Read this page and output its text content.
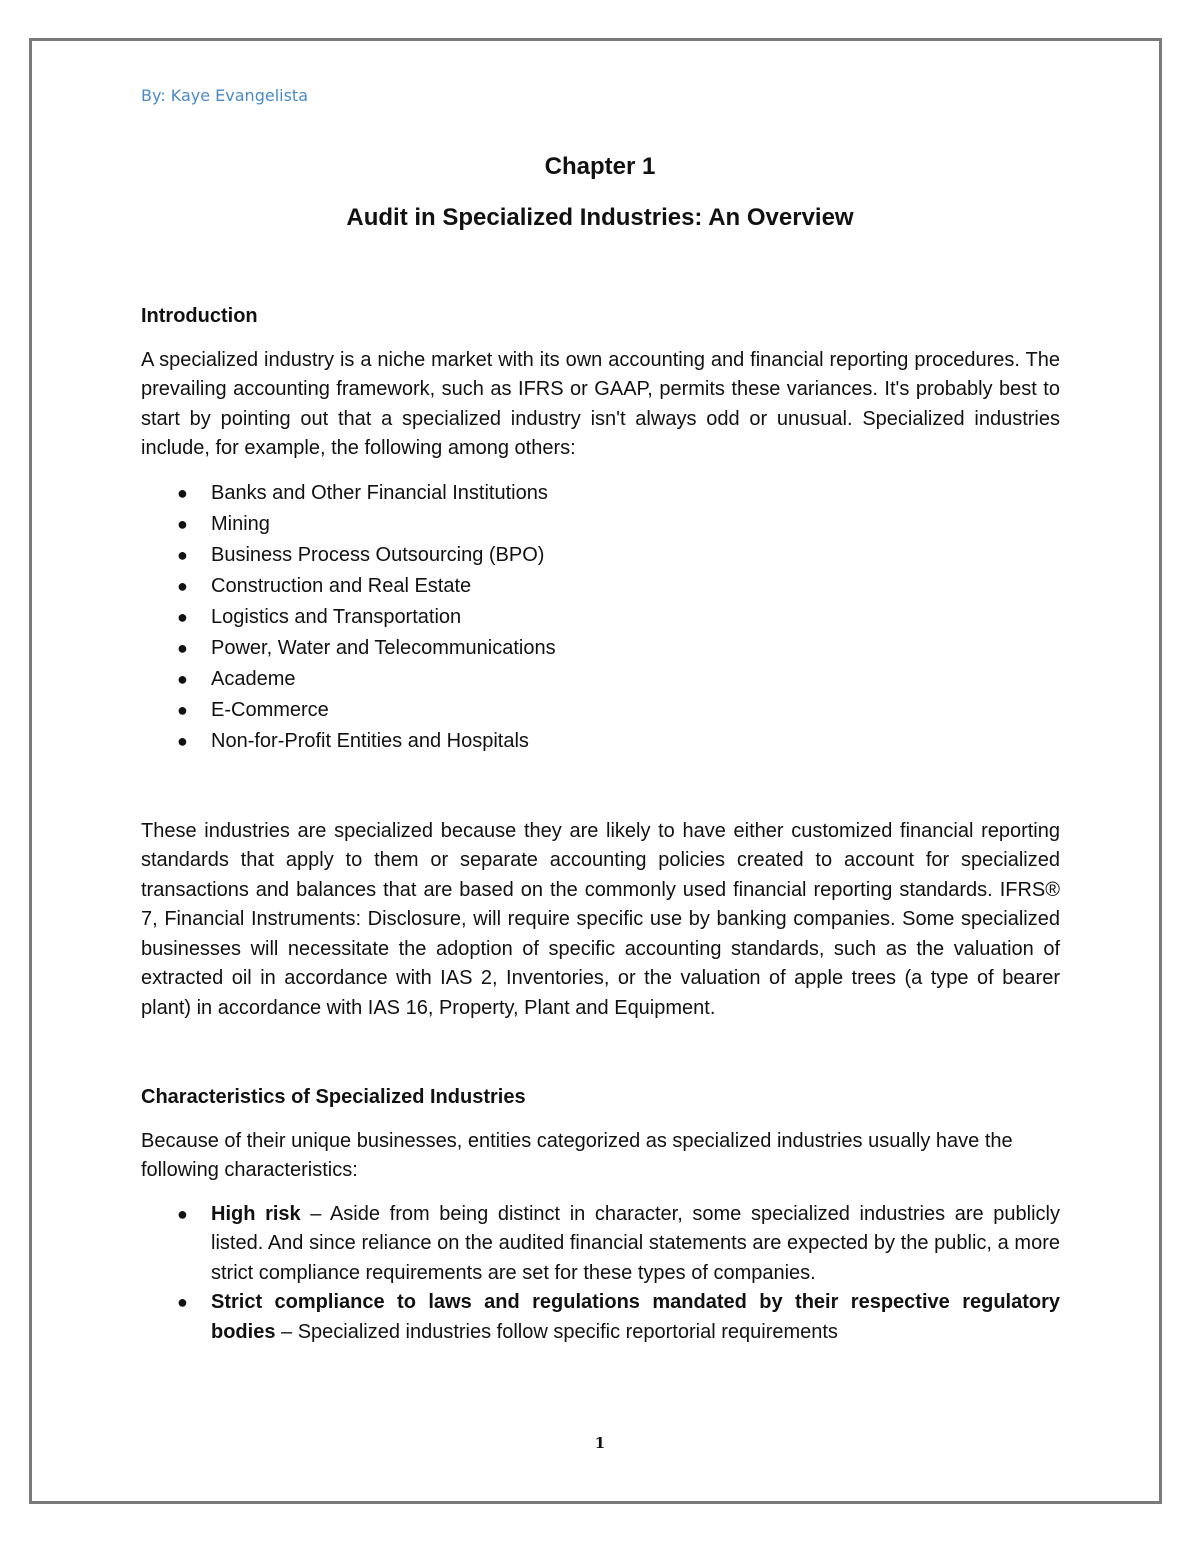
By: Kaye Evangelista
Chapter 1
Audit in Specialized Industries: An Overview
Introduction

A specialized industry is a niche market with its own accounting and financial reporting procedures. The prevailing accounting framework, such as IFRS or GAAP, permits these variances. It's probably best to start by pointing out that a specialized industry isn't always odd or unusual. Specialized industries include, for example, the following among others:

● Banks and Other Financial Institutions
● Mining
● Business Process Outsourcing (BPO)
● Construction and Real Estate
● Logistics and Transportation
● Power, Water and Telecommunications
● Academe
● E-Commerce
● Non-for-Profit Entities and Hospitals

These industries are specialized because they are likely to have either customized financial reporting standards that apply to them or separate accounting policies created to account for specialized transactions and balances that are based on the commonly used financial reporting standards. IFRS® 7, Financial Instruments: Disclosure, will require specific use by banking companies. Some specialized businesses will necessitate the adoption of specific accounting standards, such as the valuation of extracted oil in accordance with IAS 2, Inventories, or the valuation of apple trees (a type of bearer plant) in accordance with IAS 16, Property, Plant and Equipment.

Characteristics of Specialized Industries

Because of their unique businesses, entities categorized as specialized industries usually have the following characteristics:

● High risk – Aside from being distinct in character, some specialized industries are publicly listed. And since reliance on the audited financial statements are expected by the public, a more strict compliance requirements are set for these types of companies.
● Strict compliance to laws and regulations mandated by their respective regulatory bodies – Specialized industries follow specific reportorial requirements
1
